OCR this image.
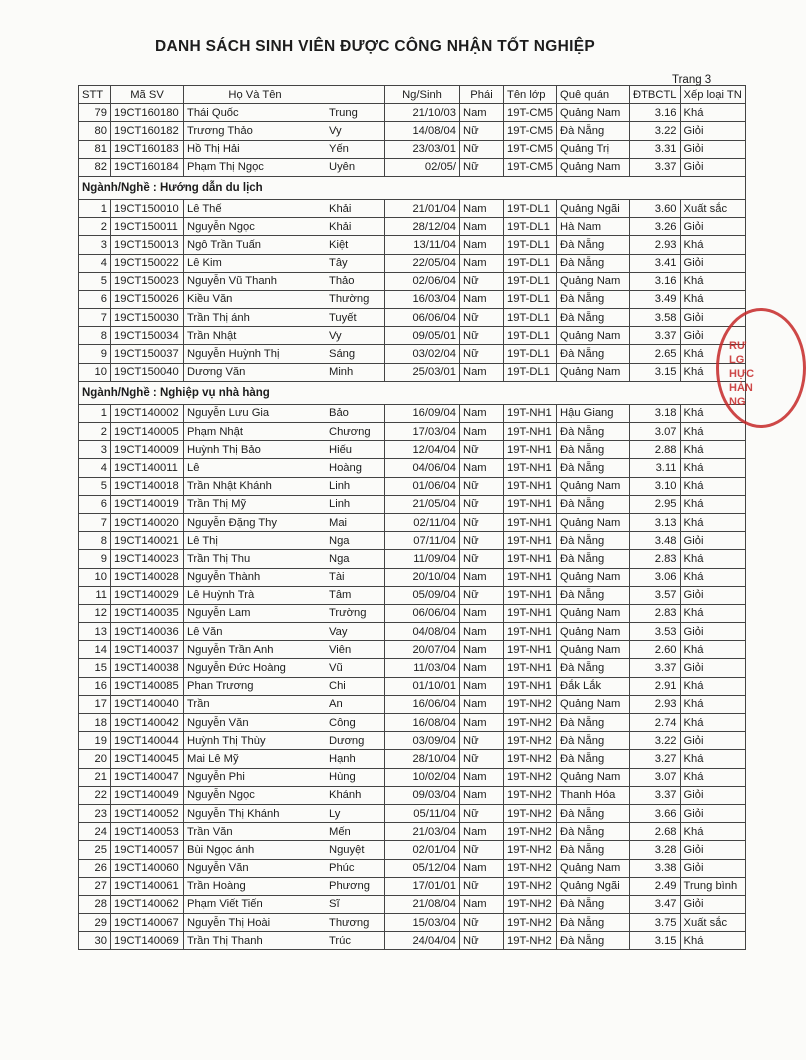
DANH SÁCH SINH VIÊN ĐƯỢC CÔNG NHẬN TỐT NGHIỆP
Trang 3
STT	Mã SV	Họ Và Tên		Ng/Sinh	Phái	Tên lớp	Quê quán	ĐTBCTL	Xếp loại TN
79	19CT160180	Thái Quốc	Trung	21/10/03	Nam	19T-CM5	Quảng Nam	3.16	Khá
80	19CT160182	Trương Thảo	Vy	14/08/04	Nữ	19T-CM5	Đà Nẵng	3.22	Giỏi
81	19CT160183	Hồ Thị Hải	Yến	23/03/01	Nữ	19T-CM5	Quảng Trị	3.31	Giỏi
82	19CT160184	Phạm Thị Ngọc	Uyên	02/05/	Nữ	19T-CM5	Quảng Nam	3.37	Giỏi
Ngành/Nghề : Hướng dẫn du lịch									
1	19CT150010	Lê Thế	Khải	21/01/04	Nam	19T-DL1	Quảng Ngãi	3.60	Xuất sắc
2	19CT150011	Nguyễn Ngọc	Khải	28/12/04	Nam	19T-DL1	Hà Nam	3.26	Giỏi
3	19CT150013	Ngô Trần Tuấn	Kiệt	13/11/04	Nam	19T-DL1	Đà Nẵng	2.93	Khá
4	19CT150022	Lê Kim	Tây	22/05/04	Nam	19T-DL1	Đà Nẵng	3.41	Giỏi
5	19CT150023	Nguyễn Vũ Thanh	Thảo	02/06/04	Nữ	19T-DL1	Quảng Nam	3.16	Khá
6	19CT150026	Kiều Văn	Thường	16/03/04	Nam	19T-DL1	Đà Nẵng	3.49	Khá
7	19CT150030	Trần Thị ánh	Tuyết	06/06/04	Nữ	19T-DL1	Đà Nẵng	3.58	Giỏi
8	19CT150034	Trần Nhật	Vy	09/05/01	Nữ	19T-DL1	Quảng Nam	3.37	Giỏi
9	19CT150037	Nguyễn Huỳnh Thị	Sáng	03/02/04	Nữ	19T-DL1	Đà Nẵng	2.65	Khá
10	19CT150040	Dương Văn	Minh	25/03/01	Nam	19T-DL1	Quảng Nam	3.15	Khá
Ngành/Nghề : Nghiệp vụ nhà hàng									
1	19CT140002	Nguyễn Lưu Gia	Bảo	16/09/04	Nam	19T-NH1	Hậu Giang	3.18	Khá
2	19CT140005	Phạm Nhật	Chương	17/03/04	Nam	19T-NH1	Đà Nẵng	3.07	Khá
3	19CT140009	Huỳnh Thị Bảo	Hiếu	12/04/04	Nữ	19T-NH1	Đà Nẵng	2.88	Khá
4	19CT140011	Lê	Hoàng	04/06/04	Nam	19T-NH1	Đà Nẵng	3.11	Khá
5	19CT140018	Trần Nhật Khánh	Linh	01/06/04	Nữ	19T-NH1	Quảng Nam	3.10	Khá
6	19CT140019	Trần Thị Mỹ	Linh	21/05/04	Nữ	19T-NH1	Đà Nẵng	2.95	Khá
7	19CT140020	Nguyễn Đặng Thy	Mai	02/11/04	Nữ	19T-NH1	Quảng Nam	3.13	Khá
8	19CT140021	Lê Thị	Nga	07/11/04	Nữ	19T-NH1	Đà Nẵng	3.48	Giỏi
9	19CT140023	Trần Thị Thu	Nga	11/09/04	Nữ	19T-NH1	Đà Nẵng	2.83	Khá
10	19CT140028	Nguyễn Thành	Tài	20/10/04	Nam	19T-NH1	Quảng Nam	3.06	Khá
11	19CT140029	Lê Huỳnh Trà	Tâm	05/09/04	Nữ	19T-NH1	Đà Nẵng	3.57	Giỏi
12	19CT140035	Nguyễn Lam	Trường	06/06/04	Nam	19T-NH1	Quảng Nam	2.83	Khá
13	19CT140036	Lê Văn	Vay	04/08/04	Nam	19T-NH1	Quảng Nam	3.53	Giỏi
14	19CT140037	Nguyễn Trần Anh	Viên	20/07/04	Nam	19T-NH1	Quảng Nam	2.60	Khá
15	19CT140038	Nguyễn Đức Hoàng	Vũ	11/03/04	Nam	19T-NH1	Đà Nẵng	3.37	Giỏi
16	19CT140085	Phan Trương	Chi	01/10/01	Nam	19T-NH1	Đắk Lắk	2.91	Khá
17	19CT140040	Trần	An	16/06/04	Nam	19T-NH2	Quảng Nam	2.93	Khá
18	19CT140042	Nguyễn Văn	Công	16/08/04	Nam	19T-NH2	Đà Nẵng	2.74	Khá
19	19CT140044	Huỳnh Thị Thùy	Dương	03/09/04	Nữ	19T-NH2	Đà Nẵng	3.22	Giỏi
20	19CT140045	Mai Lê Mỹ	Hạnh	28/10/04	Nữ	19T-NH2	Đà Nẵng	3.27	Khá
21	19CT140047	Nguyễn Phi	Hùng	10/02/04	Nam	19T-NH2	Quảng Nam	3.07	Khá
22	19CT140049	Nguyễn Ngọc	Khánh	09/03/04	Nam	19T-NH2	Thanh Hóa	3.37	Giỏi
23	19CT140052	Nguyễn Thị Khánh	Ly	05/11/04	Nữ	19T-NH2	Đà Nẵng	3.66	Giỏi
24	19CT140053	Trần Văn	Mến	21/03/04	Nam	19T-NH2	Đà Nẵng	2.68	Khá
25	19CT140057	Bùi Ngọc ánh	Nguyệt	02/01/04	Nữ	19T-NH2	Đà Nẵng	3.28	Giỏi
26	19CT140060	Nguyễn Văn	Phúc	05/12/04	Nam	19T-NH2	Quảng Nam	3.38	Giỏi
27	19CT140061	Trần Hoàng	Phương	17/01/01	Nữ	19T-NH2	Quảng Ngãi	2.49	Trung bình
28	19CT140062	Phạm Viết Tiến	Sĩ	21/08/04	Nam	19T-NH2	Đà Nẵng	3.47	Giỏi
29	19CT140067	Nguyễn Thị Hoài	Thương	15/03/04	Nữ	19T-NH2	Đà Nẵng	3.75	Xuất sắc
30	19CT140069	Trần Thị Thanh	Trúc	24/04/04	Nữ	19T-NH2	Đà Nẵng	3.15	Khá
RƯ
LG
HỰC
HÀN
NG
